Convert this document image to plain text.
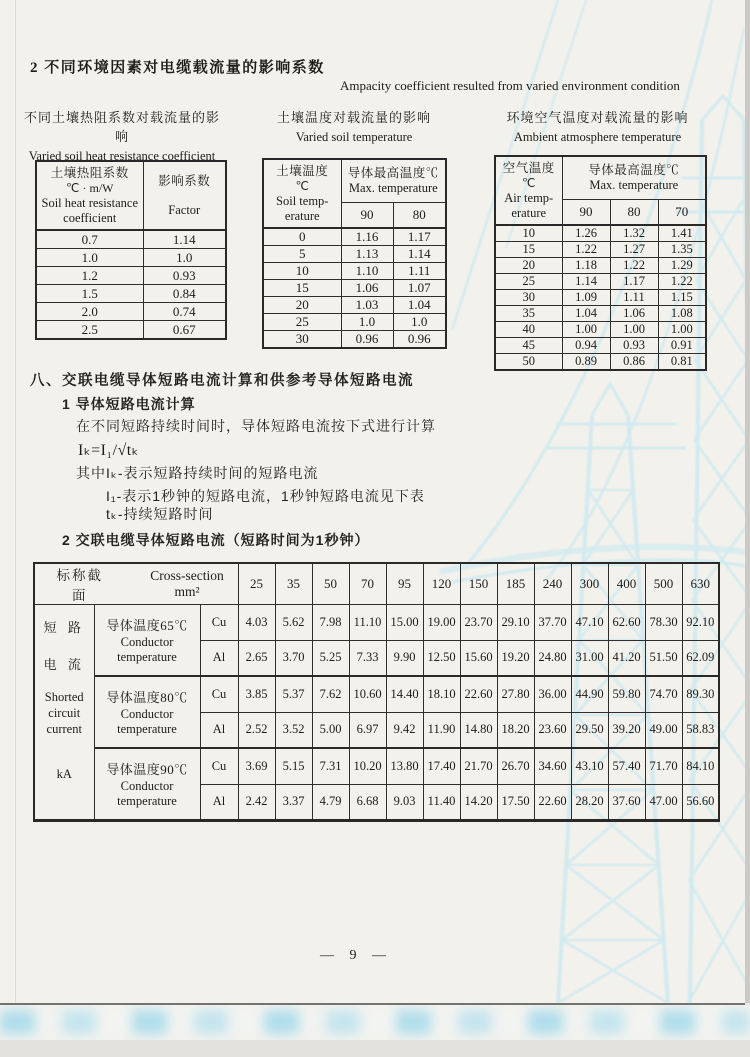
2 不同环境因素对电缆载流量的影响系数
Ampacity coefficient resulted from varied environment condition
不同土壤热阻系数对载流量的影响
Varied soil heat resistance coefficient
土壤温度对载流量的影响
Varied soil temperature
环境空气温度对载流量的影响
Ambient atmosphere temperature
土壤热阻系数
℃ · m/W
Soil heat resistance
coefficient

影响系数
Factor

0.7	1.14
1.0	1.0
1.2	0.93
1.5	0.84
2.0	0.74
2.5	0.67
土壤温度
℃
Soil temp-
erature

导体最高温度℃
Max. temperature

	90	80
0	1.16	1.17
5	1.13	1.14
10	1.10	1.11
15	1.06	1.07
20	1.03	1.04
25	1.0	1.0
30	0.96	0.96
空气温度
℃
Air temp-
erature

导体最高温度℃
Max. temperature

	90	80	70
10	1.26	1.32	1.41
15	1.22	1.27	1.35
20	1.18	1.22	1.29
25	1.14	1.17	1.22
30	1.09	1.11	1.15
35	1.04	1.06	1.08
40	1.00	1.00	1.00
45	0.94	0.93	0.91
50	0.89	0.86	0.81
八、交联电缆导体短路电流计算和供参考导体短路电流
1 导体短路电流计算
在不同短路持续时间时，导体短路电流按下式进行计算
Iₖ=I₁/√tₖ
其中Iₖ-表示短路持续时间的短路电流
I₁-表示1秒钟的短路电流，1秒钟短路电流见下表
tₖ-持续短路时间
2 交联电缆导体短路电流（短路时间为1秒钟）
标称截面
Cross-section mm²			25	35	50	70	95	120	150	185	240	300	400	500	630

短 路
电 流
Shorted
circuit
current
kA

导体温度65℃
Conductor
temperature
	Cu	4.03	5.62	7.98	11.10	15.00	19.00	23.70	29.10	37.70	47.10	62.60	78.30	92.10
		Al	2.65	3.70	5.25	7.33	9.90	12.50	15.60	19.20	24.80	31.00	41.20	51.50	62.09

	导体温度80℃
Conductor
temperature	Cu	3.85	5.37	7.62	10.60	14.40	18.10	22.60	27.80	36.00	44.90	59.80	74.70	89.30
		Al	2.52	3.52	5.00	6.97	9.42	11.90	14.80	18.20	23.60	29.50	39.20	49.00	58.83

	导体温度90℃
Conductor
temperature	Cu	3.69	5.15	7.31	10.20	13.80	17.40	21.70	26.70	34.60	43.10	57.40	71.70	84.10
		Al	2.42	3.37	4.79	6.68	9.03	11.40	14.20	17.50	22.60	28.20	37.60	47.00	56.60
— 9 —
